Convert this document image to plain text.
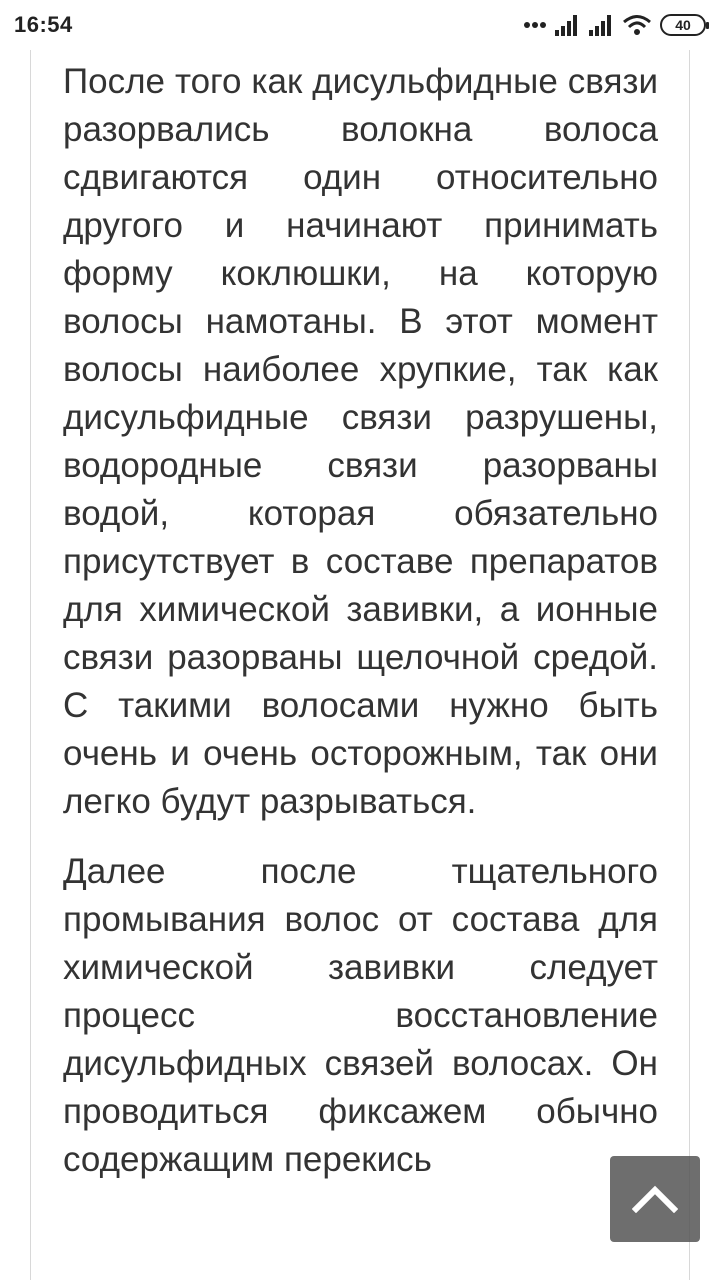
16:54	40

После того как дисульфидные связи разорвались волокна волоса сдвигаются один относительно другого и начинают принимать форму коклюшки, на которую волосы намотаны. В этот момент волосы наиболее хрупкие, так как дисульфидные связи разрушены, водородные связи разорваны водой, которая обязательно присутствует в составе препаратов для химической завивки, а ионные связи разорваны щелочной средой. С такими волосами нужно быть очень и очень осторожным, так они легко будут разрываться.

Далее после тщательного промывания волос от состава для химической завивки следует процесс восстановление дисульфидных связей волосах. Он проводиться фиксажем обычно содержащим перекись
